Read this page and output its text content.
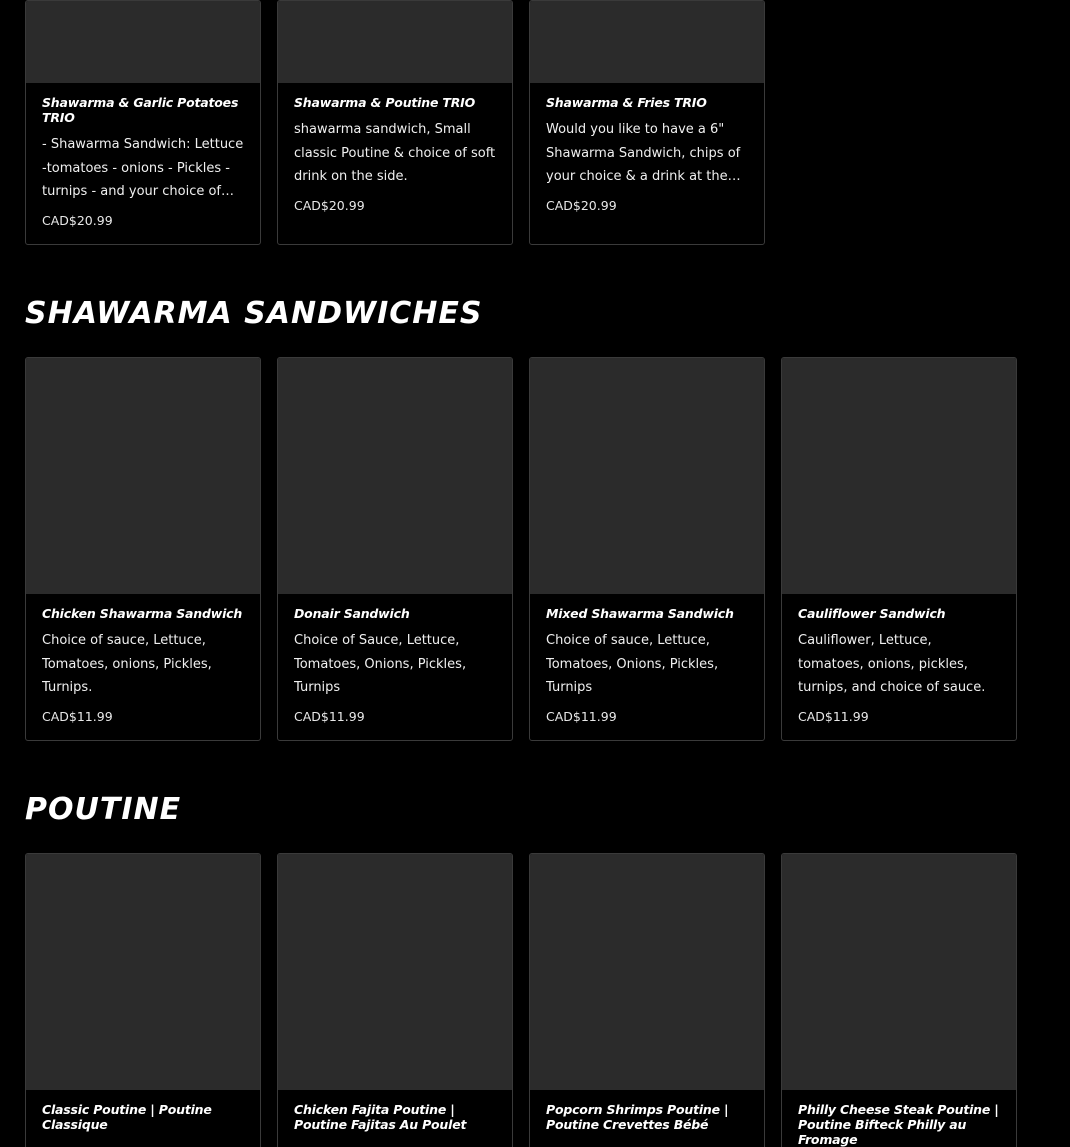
Shawarma & Garlic Potatoes TRIO

- Shawarma Sandwich: Lettuce -tomatoes - onions - Pickles - turnips - and your choice of

CAD$20.99

Shawarma & Poutine TRIO

shawarma sandwich, Small classic Poutine & choice of soft drink on the side.

CAD$20.99

Shawarma & Fries TRIO

Would you like to have a 6" Shawarma Sandwich, chips of your choice & a drink at the

CAD$20.99

SHAWARMA SANDWICHES
Chicken Shawarma Sandwich

Choice of sauce, Lettuce, Tomatoes, onions, Pickles, Turnips.

CAD$11.99

Donair Sandwich

Choice of Sauce, Lettuce, Tomatoes, Onions, Pickles, Turnips

CAD$11.99

Mixed Shawarma Sandwich

Choice of sauce, Lettuce, Tomatoes, Onions, Pickles, Turnips

CAD$11.99

Cauliflower Sandwich

Cauliflower, Lettuce, tomatoes, onions, pickles, turnips, and choice of sauce.

CAD$11.99

POUTINE
Classic Poutine | Poutine Classique
Chicken Fajita Poutine | Poutine Fajitas Au Poulet
Popcorn Shrimps Poutine | Poutine Crevettes Bébé
Philly Cheese Steak Poutine | Poutine Bifteck Philly au Fromage
